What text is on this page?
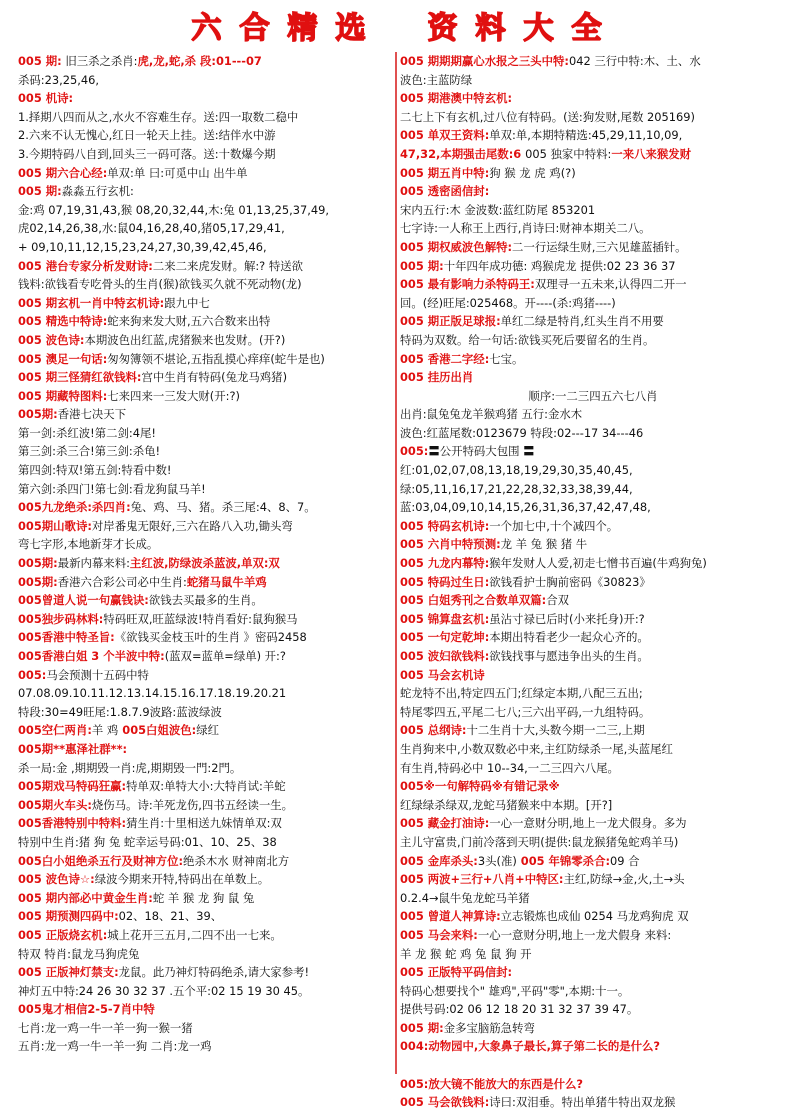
六 合 精 选 资 料 大 全
005 期: 旧三杀之杀肖:虎,龙,蛇,杀 段:01---07
杀码:23,25,46,
005 机诗:
1.择期八四而从之,水火不容难生存。送:四一取数二稳中
2.六来不认无愧心,红日一轮天上挂。送:结伴水中游
3.今期特码八自到,回头三一码可落。送:十数爆今期
005 期六合心经:单双:单 曰:可觅中山 出牛单
005 期:淼淼五行玄机:
金:鸡 07,19,31,43,猴 08,20,32,44,木:兔 01,13,25,37,49,
虎02,14,26,38,水:鼠04,16,28,40,猪05,17,29,41,
+ 09,10,11,12,15,23,24,27,30,39,42,45,46,
005 港台专家分析发财诗:二来二来虎发财。解:? 特送欲
钱料:欲钱看专吃骨头的生肖(猴)欲钱买久就不死动物(龙)
005 期玄机一肖中特玄机诗:跟九中七
005 精选中特诗:蛇来狗来发大财,五六合数来出特
005 波色诗:本期波色出红蓝,虎猪猴来也发财。(开?)
005 澳足一句话:匆匆簿领不堪论,五指乱摸心痒痒(蛇牛是也)
005 期三怪猜红欲钱料:宫中生肖有特码(兔龙马鸡猪)
005 期藏特图料:七来四来一三发大财(开:?)
005期:香港七决天下
第一剑:杀红波!第二剑:4尾!
第三剑:杀三合!第三剑:杀龟!
第四剑:特双!第五剑:特看中数!
第六剑:杀四门!第七剑:看龙狗鼠马羊!
005九龙绝杀:杀四肖:兔、鸡、马、猪。杀三尾:4、8、7。
005期山歌诗:对岸番鬼无限好,三六在路八入功,锄头弯
弯七字形,本地新芽才长成。
005期:最新内幕来料:主红波,防绿波杀蓝波,单双:双
005期:香港六合彩公司必中生肖:蛇猪马鼠牛羊鸡
005曾道人说一句赢钱诀:欲钱去买最多的生肖。
005独步码林料:特码旺双,旺蓝绿波!特肖看好:鼠狗猴马
005香港中特圣旨:《欲钱买金枝玉叶的生肖 》密码2458
005香港白姐 3 个半波中特:(蓝双=蓝单=绿单) 开:?
005:马会预测十五码中特
07.08.09.10.11.12.13.14.15.16.17.18.19.20.21
特段:30=49旺尾:1.8.7.9波路:蓝波绿波
005空仁两肖:羊 鸡 005白姐波色:绿红
005期**惠泽社群**:
杀一局:金 ,期期毁一肖:虎,期期毁一門:2門。
005期戏马特码狂赢:特单双:单特大小:大特肖试:羊蛇
005期火车头:烧伤马。诗:羊死龙伤,四书五经读一生。
005香港特别中特料:猜生肖:十里相送九妹情单双:双
特别中生肖:猪 狗 兔 蛇幸运号码:01、10、25、38
005白小姐绝杀五行及财神方位:绝杀木水 财神南北方
005 波色诗☆:绿波今期来开特,特码出在单数上。
005 期内部必中黄金生肖:蛇 羊 猴 龙 狗 鼠 兔
005 期预测四码中:02、18、21、39、
005 正版烧玄机:城上花开三五月,二四不出一七来。
特双 特肖:鼠龙马狗虎兔
005 正版神灯禁支:龙鼠。此乃神灯特码绝杀,请大家参考!
神灯五中特:24 26 30 32 37 .五个平:02 15 19 30 45。
005鬼才相信2-5-7肖中特
七肖:龙一鸡一牛一羊一狗一猴一猪
五肖:龙一鸡一牛一羊一狗 二肖:龙一鸡
005 期期期赢心水报之三头中特:042 三行中特:木、土、水
波色:主蓝防绿
005 期港澳中特玄机:
二七上下有玄机,过八位有特码。(送:狗发财,尾数 205169)
005 单双王资料:单双:单,本期特精选:45,29,11,10,09,
47,32,本期强击尾数:6 005 独家中特料:一来八来猴发财
005 期五肖中特:狗 猴 龙 虎 鸡(?)
005 透密函信封:
宋内五行:木 金波数:蓝红防尾 853201
七字诗:一人称王上西行,肖诗曰:财神本期关二八。
005 期权威波色解特:二一行运绿生财,三六见雄蓝插针。
005 期:十年四年成功德: 鸡猴虎龙 提供:02 23 36 37
005 最有影响力杀特码王:双理寻一五未来,认得四二开一
回。(经)旺尾:025468。开----(杀:鸡猪----)
005 期正版足球报:单红二绿是特肖,红头生肖不用要
特码为双数。给一句话:欲钱买死后要留名的生肖。
005 香港二字经:七宝。
005 挂历出肖
顺序:一二三四五六七八肖
出肖:鼠兔兔龙羊猴鸡猪 五行:金水木
波色:红蓝尾数:0123679 特段:02---17 34---46
005:〓公开特码大包围 〓
红:01,02,07,08,13,18,19,29,30,35,40,45,
绿:05,11,16,17,21,22,28,32,33,38,39,44,
蓝:03,04,09,10,14,15,26,31,36,37,42,47,48,
005 特码玄机诗:一个加七中,十个减四个。
005 六肖中特预测:龙 羊 兔 猴 猪 牛
005 九龙内幕特:猴年发财人人爱,初走七憎书百遍(牛鸡狗兔)
005 特码过生日:欲钱看护士胸前密码《30823》
005 白姐秀刊之合数单双篇:合双
005 锦算盘玄机:虽沾寸禄已后时(小来托身)开:?
005 一句定乾坤:本期出特看老少一起众心齐的。
005 波妇欲钱料:欲钱找事与愿违争出头的生肖。
005 马会玄机诗
蛇龙特不出,特定四五门;红绿定本期,八配三五出;
特尾零四五,平尾二七八;三六出平码,一九组特码。
005 总纲诗:十二生肖十大,头数今期一二三,上期
生肖狗来中,小数双数必中来,主红防绿杀一尾,头蓝尾红
有生肖,特码必中 10--34,一二三四六八尾。
005※一句解特码※有错记录※
红绿绿杀绿双,龙蛇马猪猴来中本期。[开?]
005 藏金打油诗:一心一意财分明,地上一龙犬假身。多为
主儿守富贵,门前冷落到天明(提供:鼠龙猴猪兔蛇鸡羊马)
005 金库杀头:3头(准) 005 年锦零杀合:09 合
005 两波+三行+八肖+中特区:主红,防绿→金,火,土→头
0.2.4→鼠牛兔龙蛇马羊猪
005 曾道人神算诗:立志锻炼也成仙 0254 马龙鸡狗虎 双
005 马会来料:一心一意财分明,地上一龙犬假身 来料:
羊 龙 猴 蛇 鸡 兔 鼠 狗 开
005 正版特平码信封:
特码心想要找个" 雄鸡",平码"零",本期:十一。
提供号码:02 06 12 18 20 31 32 37 39 47。
005 期:金多宝脑筋急转弯
004:动物园中,大象鼻子最长,算子第二长的是什么?
005:放大镜不能放大的东西是什么?
005 马会欲钱料:诗曰:双泪垂。特出单猪牛特出双龙猴
